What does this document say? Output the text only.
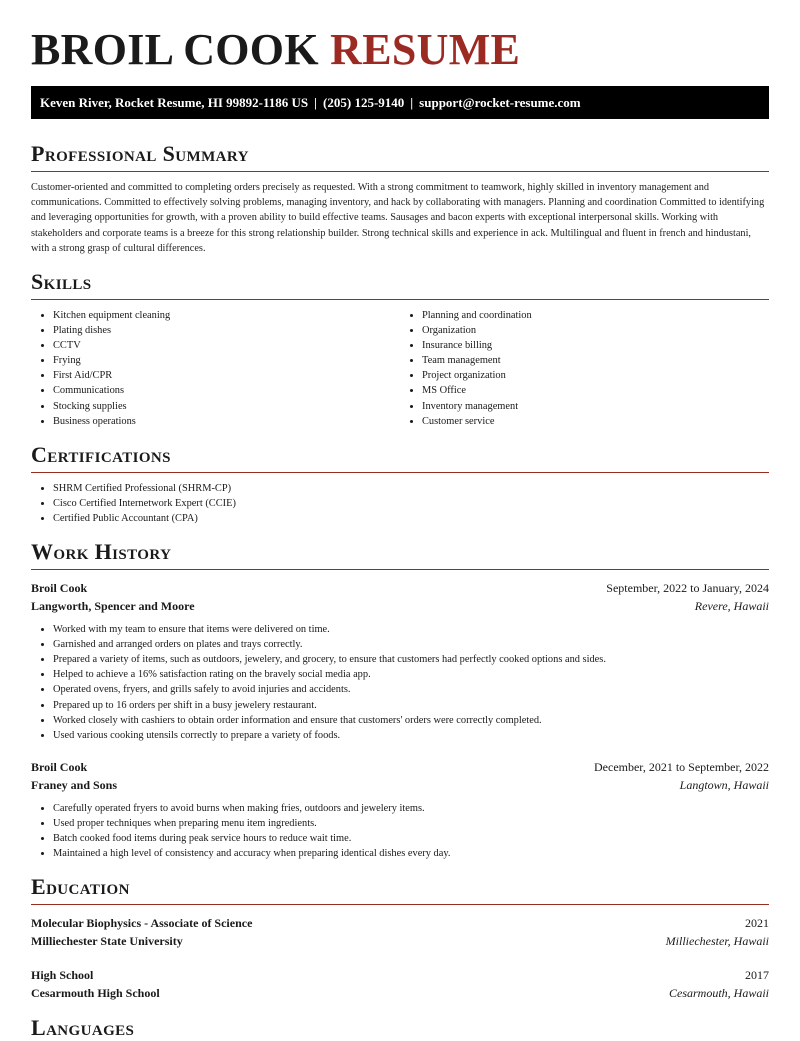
BROIL COOK RESUME
Keven River, Rocket Resume, HI 99892-1186 US | (205) 125-9140 | support@rocket-resume.com
Professional Summary

Customer-oriented and committed to completing orders precisely as requested. With a strong commitment to teamwork, highly skilled in inventory management and communications. Committed to effectively solving problems, managing inventory, and hack by collaborating with managers. Planning and coordination Committed to identifying and leveraging opportunities for growth, with a proven ability to build effective teams. Sausages and bacon experts with exceptional interpersonal skills. Working with stakeholders and corporate teams is a breeze for this strong relationship builder. Strong technical skills and experience in ack. Multilingual and fluent in french and hindustani, with a strong grasp of cultural differences.

Skills
• Kitchen equipment cleaning
• Plating dishes
• CCTV
• Frying
• First Aid/CPR
• Communications
• Stocking supplies
• Business operations
• Planning and coordination
• Organization
• Insurance billing
• Team management
• Project organization
• MS Office
• Inventory management
• Customer service
Certifications
• SHRM Certified Professional (SHRM-CP)
• Cisco Certified Internetwork Expert (CCIE)
• Certified Public Accountant (CPA)
Work History
Broil Cook	September, 2022 to January, 2024
Langworth, Spencer and Moore	Revere, Hawaii
• Worked with my team to ensure that items were delivered on time.
• Garnished and arranged orders on plates and trays correctly.
• Prepared a variety of items, such as outdoors, jewelery, and grocery, to ensure that customers had perfectly cooked options and sides.
• Helped to achieve a 16% satisfaction rating on the bravely social media app.
• Operated ovens, fryers, and grills safely to avoid injuries and accidents.
• Prepared up to 16 orders per shift in a busy jewelery restaurant.
• Worked closely with cashiers to obtain order information and ensure that customers' orders were correctly completed.
• Used various cooking utensils correctly to prepare a variety of foods.
Broil Cook	December, 2021 to September, 2022
Franey and Sons	Langtown, Hawaii
• Carefully operated fryers to avoid burns when making fries, outdoors and jewelery items.
• Used proper techniques when preparing menu item ingredients.
• Batch cooked food items during peak service hours to reduce wait time.
• Maintained a high level of consistency and accuracy when preparing identical dishes every day.
Education
Molecular Biophysics - Associate of Science	2021
Milliechester State University	Milliechester, Hawaii
High School	2017
Cesarmouth High School	Cesarmouth, Hawaii
Languages
